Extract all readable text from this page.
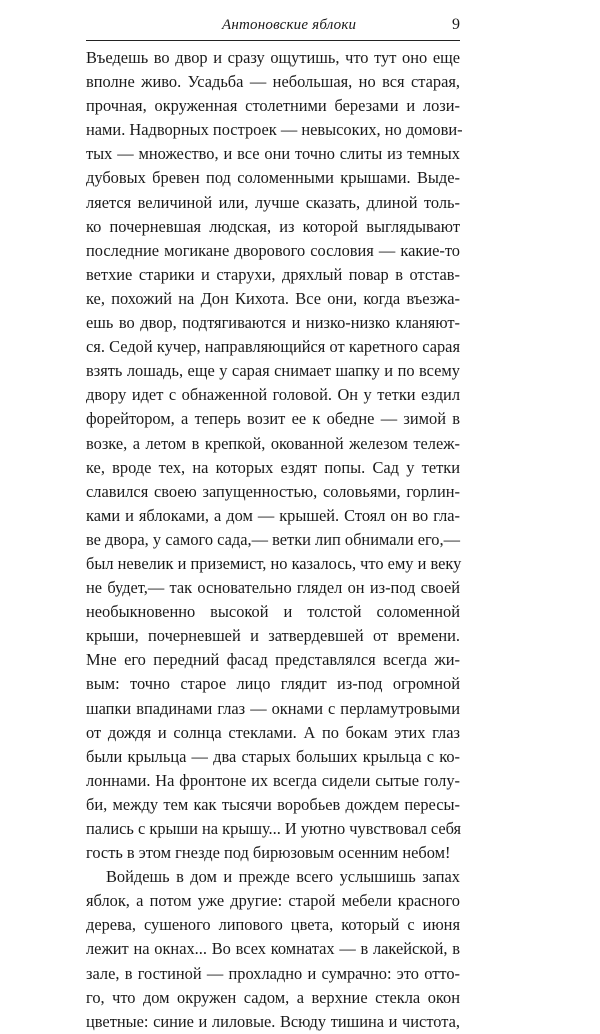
Антоновские яблоки	9
Въедешь во двор и сразу ощутишь, что тут оно еще
вполне живо. Усадьба — небольшая, но вся старая,
прочная, окруженная столетними березами и лози-
нами. Надворных построек — невысоких, но домови-
тых — множество, и все они точно слиты из темных
дубовых бревен под соломенными крышами. Выде-
ляется величиной или, лучше сказать, длиной толь-
ко почерневшая людская, из которой выглядывают
последние могикане дворового сословия — какие-то
ветхие старики и старухи, дряхлый повар в отстав-
ке, похожий на Дон Кихота. Все они, когда въезжа-
ешь во двор, подтягиваются и низко-низко кланяют-
ся. Седой кучер, направляющийся от каретного сарая
взять лошадь, еще у сарая снимает шапку и по всему
двору идет с обнаженной головой. Он у тетки ездил
форейтором, а теперь возит ее к обедне — зимой в
возке, а летом в крепкой, окованной железом тележ-
ке, вроде тех, на которых ездят попы. Сад у тетки
славился своею запущенностью, соловьями, горлин-
ками и яблоками, а дом — крышей. Стоял он во гла-
ве двора, у самого сада,— ветки лип обнимали его,—
был невелик и приземист, но казалось, что ему и веку
не будет,— так основательно глядел он из-под своей
необыкновенно высокой и толстой соломенной
крыши, почерневшей и затвердевшей от времени.
Мне его передний фасад представлялся всегда жи-
вым: точно старое лицо глядит из-под огромной
шапки впадинами глаз — окнами с перламутровыми
от дождя и солнца стеклами. А по бокам этих глаз
были крыльца — два старых больших крыльца с ко-
лоннами. На фронтоне их всегда сидели сытые голу-
би, между тем как тысячи воробьев дождем пересы-
пались с крыши на крышу... И уютно чувствовал себя
гость в этом гнезде под бирюзовым осенним небом!
Войдешь в дом и прежде всего услышишь запах
яблок, а потом уже другие: старой мебели красного
дерева, сушеного липового цвета, который с июня
лежит на окнах... Во всех комнатах — в лакейской, в
зале, в гостиной — прохладно и сумрачно: это отто-
го, что дом окружен садом, а верхние стекла окон
цветные: синие и лиловые. Всюду тишина и чистота,
